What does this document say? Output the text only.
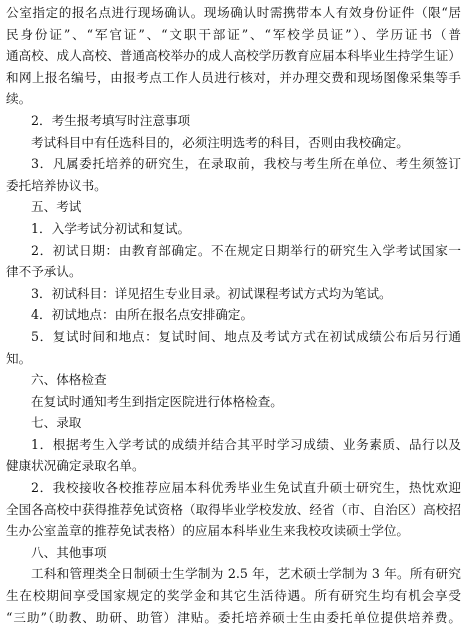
公室指定的报名点进行现场确认。现场确认时需携带本人有效身份证件（限“居
民身份证”、“军官证”、“文职干部证”、“军校学员证”）、学历证书（普
通高校、成人高校、普通高校举办的成人高校学历教育应届本科毕业生持学生证）
和网上报名编号，由报考点工作人员进行核对，并办理交费和现场图像采集等手
续。
2．考生报考填写时注意事项
考试科目中有任选科目的，必须注明选考的科目，否则由我校确定。
3．凡属委托培养的研究生，在录取前，我校与考生所在单位、考生须签订
委托培养协议书。
五、考试
1．入学考试分初试和复试。
2．初试日期：由教育部确定。不在规定日期举行的研究生入学考试国家一
律不予承认。
3．初试科目：详见招生专业目录。初试课程考试方式均为笔试。
4．初试地点：由所在报名点安排确定。
5．复试时间和地点：复试时间、地点及考试方式在初试成绩公布后另行通
知。
六、体格检查
在复试时通知考生到指定医院进行体格检查。
七、录取
1．根据考生入学考试的成绩并结合其平时学习成绩、业务素质、品行以及
健康状况确定录取名单。
2．我校接收各校推荐应届本科优秀毕业生免试直升硕士研究生，热忱欢迎
全国各高校中获得推荐免试资格（取得毕业学校发放、经省（市、自治区）高校招
生办公室盖章的推荐免试表格）的应届本科毕业生来我校攻读硕士学位。
八、其他事项
工科和管理类全日制硕士生学制为 2.5 年，艺术硕士学制为 3 年。所有研究
生在校期间享受国家规定的奖学金和其它生活待遇。所有研究生均有机会享受
“三助”（助教、助研、助管）津贴。委托培养硕士生由委托单位提供培养费。
